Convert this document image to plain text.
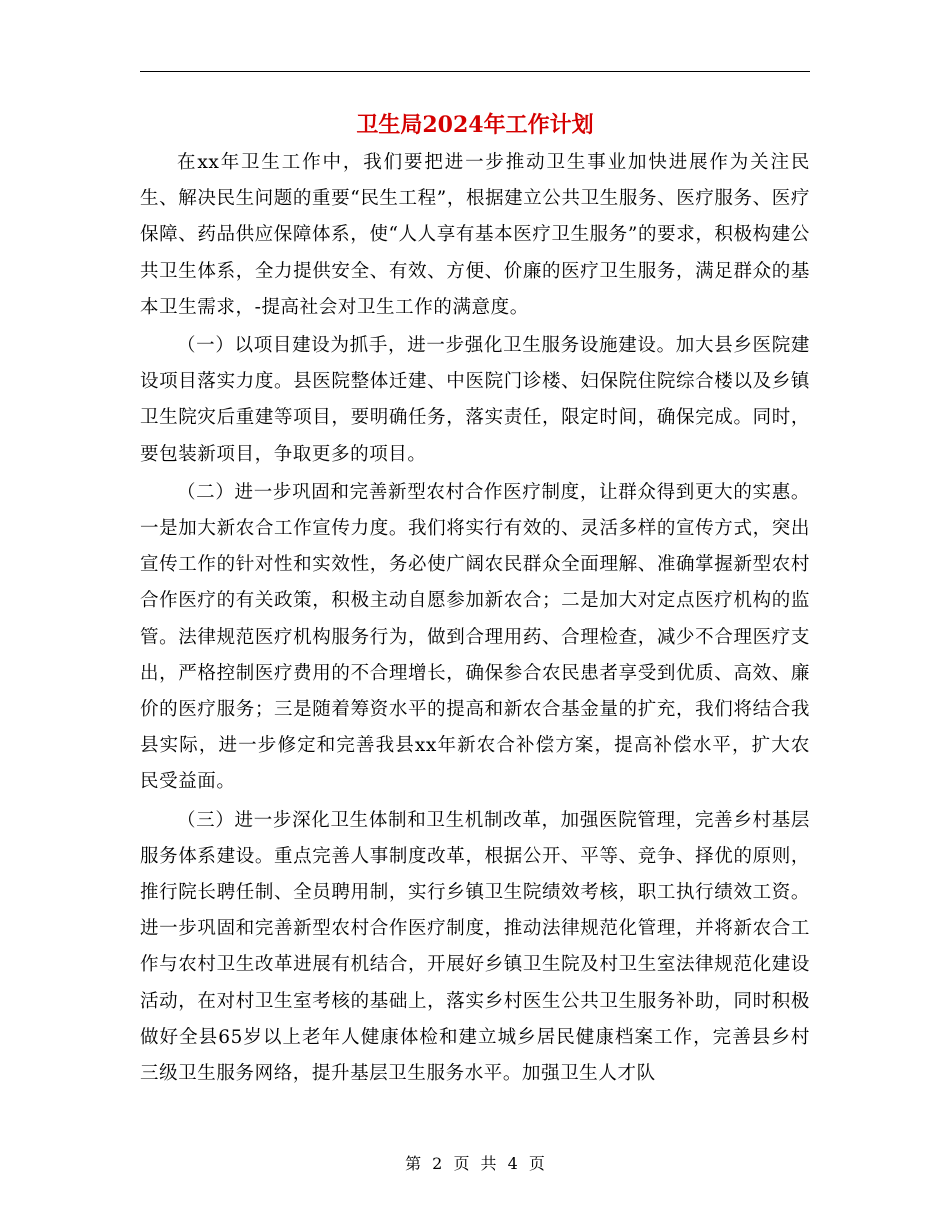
卫生局2024年工作计划

在xx年卫生工作中，我们要把进一步推动卫生事业加快进展作为关注民生、解决民生问题的重要“民生工程”，根据建立公共卫生服务、医疗服务、医疗保障、药品供应保障体系，使“人人享有基本医疗卫生服务”的要求，积极构建公共卫生体系，全力提供安全、有效、方便、价廉的医疗卫生服务，满足群众的基本卫生需求，-提高社会对卫生工作的满意度。

（一）以项目建设为抓手，进一步强化卫生服务设施建设。加大县乡医院建设项目落实力度。县医院整体迁建、中医院门诊楼、妇保院住院综合楼以及乡镇卫生院灾后重建等项目，要明确任务，落实责任，限定时间，确保完成。同时，要包装新项目，争取更多的项目。

（二）进一步巩固和完善新型农村合作医疗制度，让群众得到更大的实惠。一是加大新农合工作宣传力度。我们将实行有效的、灵活多样的宣传方式，突出宣传工作的针对性和实效性，务必使广阔农民群众全面理解、准确掌握新型农村合作医疗的有关政策，积极主动自愿参加新农合；二是加大对定点医疗机构的监管。法律规范医疗机构服务行为，做到合理用药、合理检查，减少不合理医疗支出，严格控制医疗费用的不合理增长，确保参合农民患者享受到优质、高效、廉价的医疗服务；三是随着筹资水平的提高和新农合基金量的扩充，我们将结合我县实际，进一步修定和完善我县xx年新农合补偿方案，提高补偿水平，扩大农民受益面。

（三）进一步深化卫生体制和卫生机制改革，加强医院管理，完善乡村基层服务体系建设。重点完善人事制度改革，根据公开、平等、竞争、择优的原则，推行院长聘任制、全员聘用制，实行乡镇卫生院绩效考核，职工执行绩效工资。进一步巩固和完善新型农村合作医疗制度，推动法律规范化管理，并将新农合工作与农村卫生改革进展有机结合，开展好乡镇卫生院及村卫生室法律规范化建设活动，在对村卫生室考核的基础上，落实乡村医生公共卫生服务补助，同时积极做好全县65岁以上老年人健康体检和建立城乡居民健康档案工作，完善县乡村三级卫生服务网络，提升基层卫生服务水平。加强卫生人才队

第 2 页 共 4 页
